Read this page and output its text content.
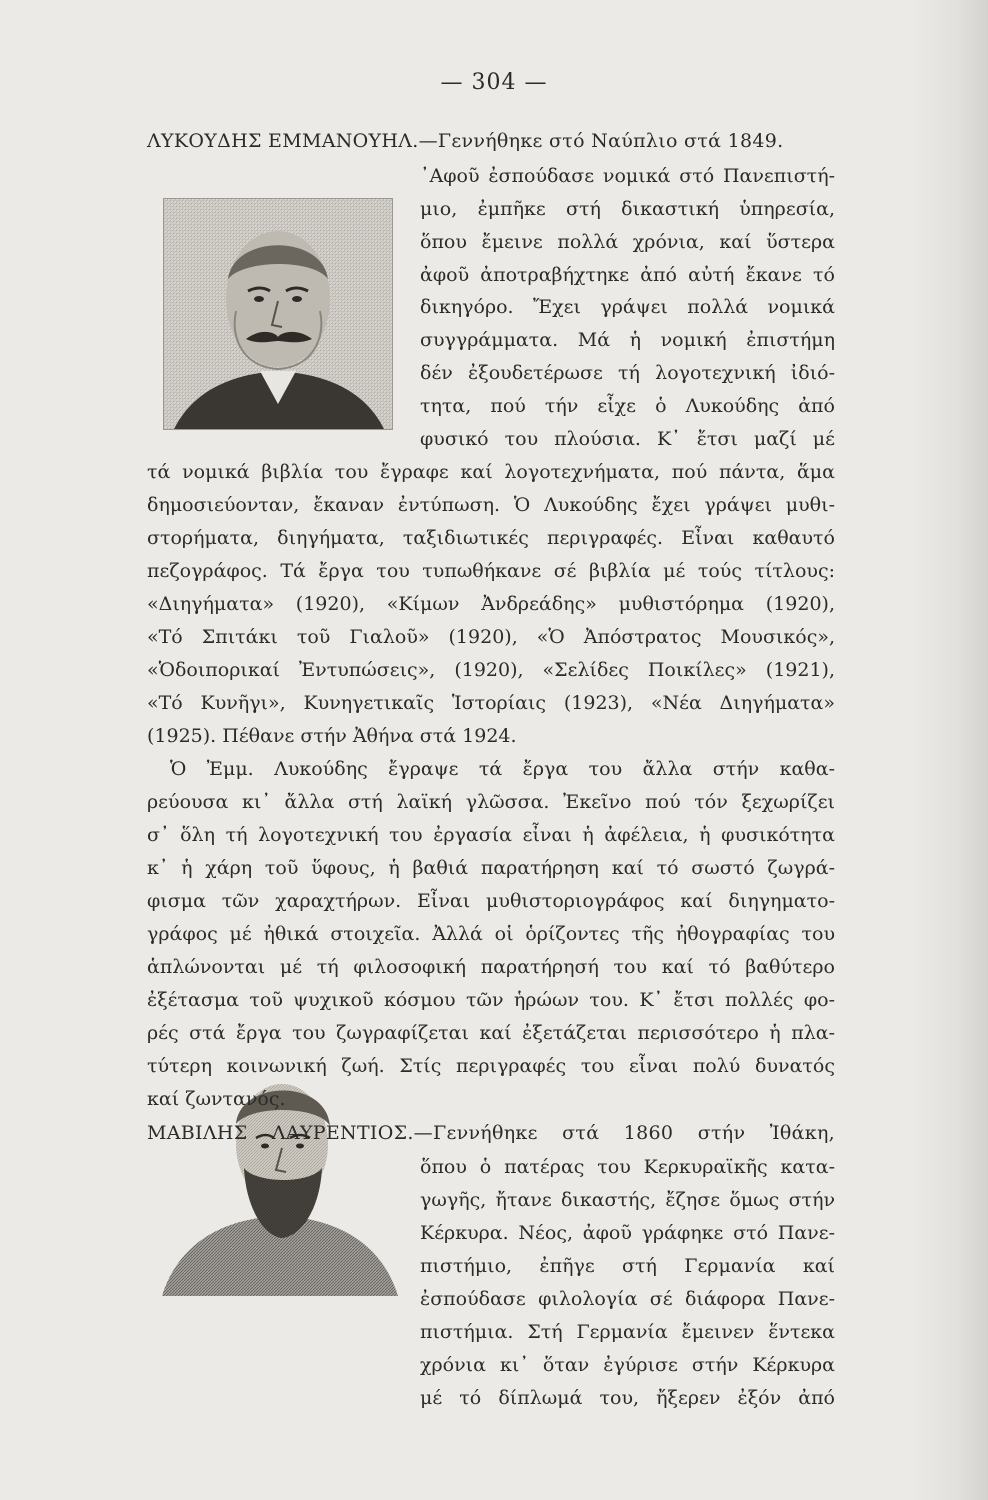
— 304 —
ΛΥΚΟΥΔΗΣ ΕΜΜΑΝΟΥΗΛ.—Γεννήθηκε στό Ναύπλιο στά 1849.
᾿Αφοῦ ἐσπούδασε νομικά στό Πανεπιστή-
μιο, ἐμπῆκε στή δικαστική ὑπηρεσία,
ὅπου ἔμεινε πολλά χρόνια, καί ὕστερα
ἀφοῦ ἀποτραβήχτηκε ἀπό αὐτή ἔκανε τό
δικηγόρο. Ἔχει γράψει πολλά νομικά
συγγράμματα. Μά ἡ νομική ἐπιστήμη
δέν ἐξουδετέρωσε τή λογοτεχνική ἰδιό-
τητα, πού τήν εἶχε ὁ Λυκούδης ἀπό
φυσικό του πλούσια. Κ᾿ ἔτσι μαζί μέ
τά νομικά βιβλία του ἔγραφε καί λογοτεχνήματα, πού πάντα, ἅμα
δημοσιεύονταν, ἔκαναν ἐντύπωση. Ὁ Λυκούδης ἔχει γράψει μυθι-
στορήματα, διηγήματα, ταξιδιωτικές περιγραφές. Εἶναι καθαυτό
πεζογράφος. Τά ἔργα του τυπωθήκανε σέ βιβλία μέ τούς τίτλους:
«Διηγήματα» (1920), «Κίμων Ἀνδρεάδης» μυθιστόρημα (1920),
«Τό Σπιτάκι τοῦ Γιαλοῦ» (1920), «Ὁ Ἀπόστρατος Μουσικός»,
«Ὁδοιπορικαί Ἐντυπώσεις», (1920), «Σελίδες Ποικίλες» (1921),
«Τό Κυνῆγι», Κυνηγετικαῖς Ἱστορίαις (1923), «Νέα Διηγήματα»
(1925). Πέθανε στήν Ἀθήνα στά 1924.
Ὁ Ἐμμ. Λυκούδης ἔγραψε τά ἔργα του ἄλλα στήν καθα-
ρεύουσα κι᾿ ἄλλα στή λαϊκή γλῶσσα. Ἐκεῖνο πού τόν ξεχωρίζει
σ᾿ ὅλη τή λογοτεχνική του ἐργασία εἶναι ἡ ἀφέλεια, ἡ φυσικότητα
κ᾿ ἡ χάρη τοῦ ὕφους, ἡ βαθιά παρατήρηση καί τό σωστό ζωγρά-
φισμα τῶν χαραχτήρων. Εἶναι μυθιστοριογράφος καί διηγηματο-
γράφος μέ ἠθικά στοιχεῖα. Ἀλλά οἱ ὁρίζοντες τῆς ἠθογραφίας του
ἁπλώνονται μέ τή φιλοσοφική παρατήρησή του καί τό βαθύτερο
ἐξέτασμα τοῦ ψυχικοῦ κόσμου τῶν ἡρώων του. Κ᾿ ἔτσι πολλές φο-
ρές στά ἔργα του ζωγραφίζεται καί ἐξετάζεται περισσότερο ἡ πλα-
τύτερη κοινωνική ζωή. Στίς περιγραφές του εἶναι πολύ δυνατός
καί ζωντανός.
ΜΑΒΙΛΗΣ ΛΑΥΡΕΝΤΙΟΣ.—Γεννήθηκε στά 1860 στήν Ἰθάκη,
ὅπου ὁ πατέρας του Κερκυραϊκῆς κατα-
γωγῆς, ἤτανε δικαστής, ἔζησε ὅμως στήν
Κέρκυρα. Νέος, ἀφοῦ γράφηκε στό Πανε-
πιστήμιο, ἐπῆγε στή Γερμανία καί
ἐσπούδασε φιλολογία σέ διάφορα Πανε-
πιστήμια. Στή Γερμανία ἔμεινεν ἕντεκα
χρόνια κι᾿ ὅταν ἐγύρισε στήν Κέρκυρα
μέ τό δίπλωμά του, ἤξερεν ἐξόν ἀπό
